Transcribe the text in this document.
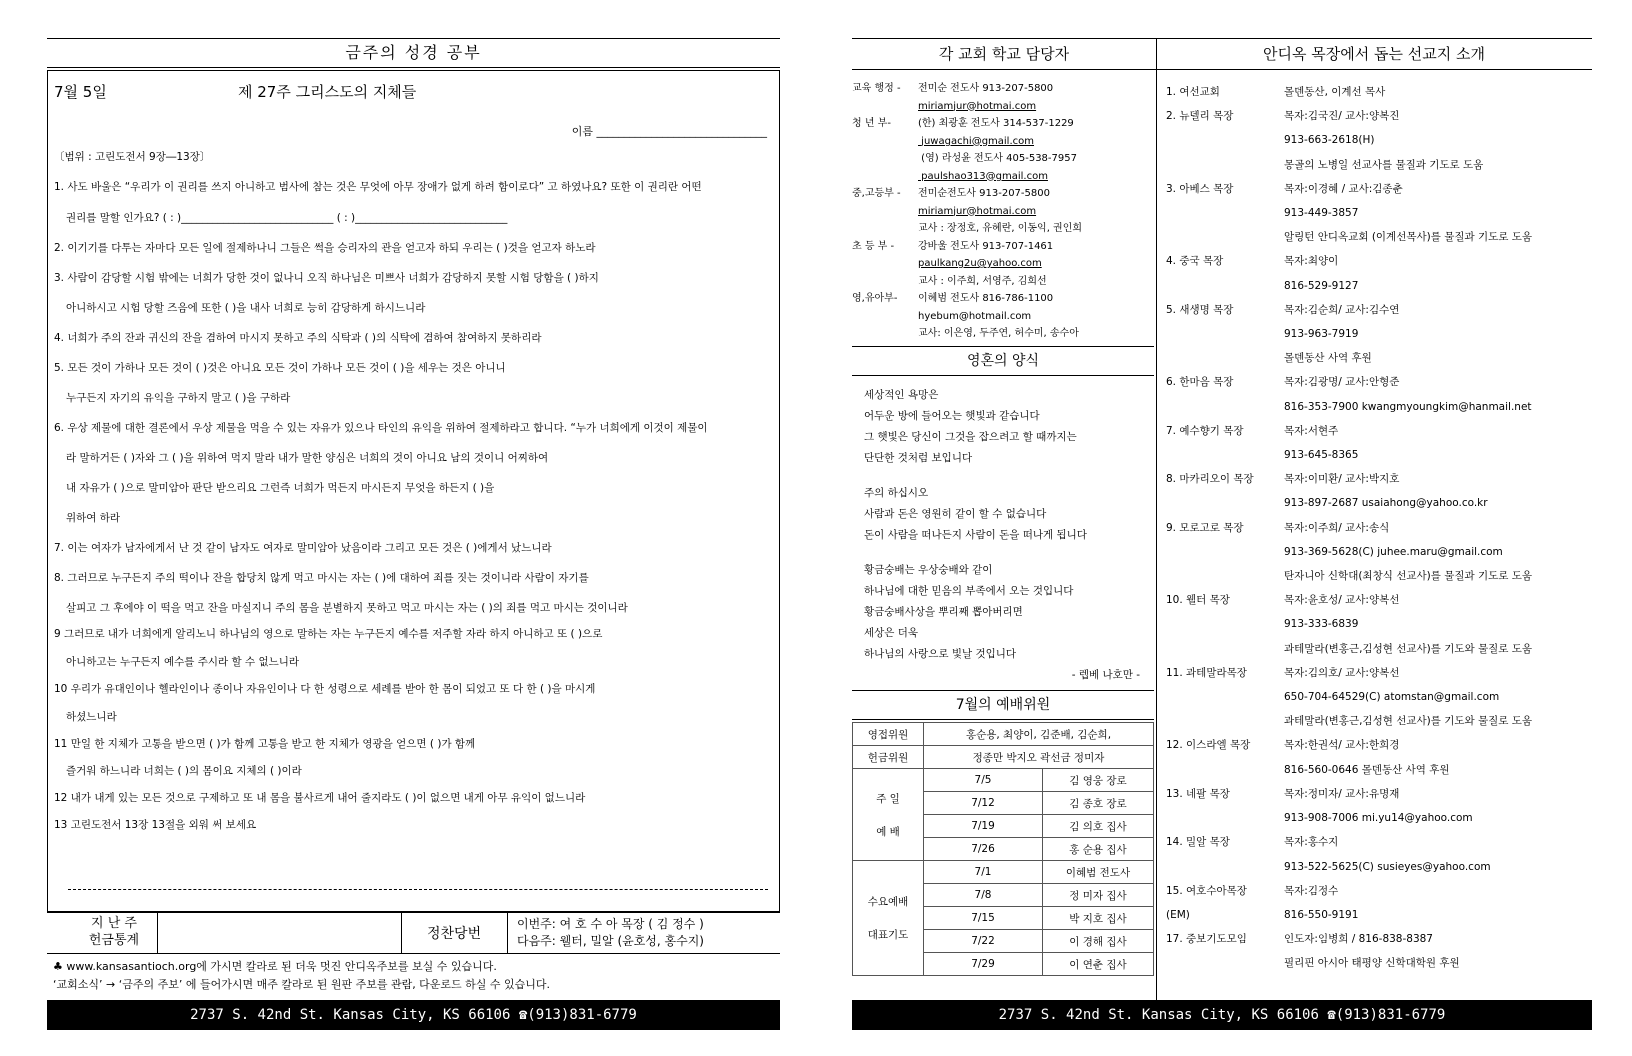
금주의 성경 공부
7월 5일	제 27주 그리스도의 지체들
이름 _______________________________
〔범위 : 고린도전서 9장―13장〕
1. 사도 바울은 “우리가 이 권리를 쓰지 아니하고 범사에 참는 것은 무엇에 아무 장애가 없게 하려 함이로다” 고 하였나요? 또한 이 권리란 어떤
권리를 말할 인가요? ( : )_____________________________ ( : )_____________________________
2. 이기기를 다투는 자마다 모든 일에 절제하나니 그들은 썩을 승리자의 관을 얻고자 하되 우리는 ( )것을 얻고자 하노라
3. 사람이 감당할 시험 밖에는 너희가 당한 것이 없나니 오직 하나님은 미쁘사 너희가 감당하지 못할 시험 당함을 ( )하지
아니하시고 시험 당할 즈음에 또한 ( )을 내사 너희로 능히 감당하게 하시느니라
4. 너희가 주의 잔과 귀신의 잔을 겸하여 마시지 못하고 주의 식탁과 ( )의 식탁에 겸하여 참여하지 못하리라
5. 모든 것이 가하나 모든 것이 ( )것은 아니요 모든 것이 가하나 모든 것이 ( )을 세우는 것은 아니니
누구든지 자기의 유익을 구하지 말고 ( )을 구하라
6. 우상 제물에 대한 결론에서 우상 제물을 먹을 수 있는 자유가 있으나 타인의 유익을 위하여 절제하라고 합니다. “누가 너희에게 이것이 제물이
라 말하거든 ( )자와 그 ( )을 위하여 먹지 말라 내가 말한 양심은 너희의 것이 아니요 남의 것이니 어찌하여
내 자유가 ( )으로 말미암아 판단 받으리요 그런즉 너희가 먹든지 마시든지 무엇을 하든지 ( )을
위하여 하라
7. 이는 여자가 남자에게서 난 것 같이 남자도 여자로 말미암아 났음이라 그리고 모든 것은 ( )에게서 났느니라
8. 그러므로 누구든지 주의 떡이나 잔을 합당치 않게 먹고 마시는 자는 ( )에 대하여 죄를 짓는 것이니라 사람이 자기를
살피고 그 후에야 이 떡을 먹고 잔을 마실지니 주의 몸을 분별하지 못하고 먹고 마시는 자는 ( )의 죄를 먹고 마시는 것이니라
9 그러므로 내가 너희에게 알리노니 하나님의 영으로 말하는 자는 누구든지 예수를 저주할 자라 하지 아니하고 또 ( )으로
아니하고는 누구든지 예수를 주시라 할 수 없느니라
10 우리가 유대인이나 헬라인이나 종이나 자유인이나 다 한 성령으로 세례를 받아 한 몸이 되었고 또 다 한 ( )을 마시게
하셨느니라
11 만일 한 지체가 고통을 받으면 ( )가 함께 고통을 받고 한 지체가 영광을 얻으면 ( )가 함께
즐거워 하느니라 너희는 ( )의 몸이요 지체의 ( )이라
12 내가 내게 있는 모든 것으로 구제하고 또 내 몸을 불사르게 내어 줄지라도 ( )이 없으면 내게 아무 유익이 없느니라
13 고린도전서 13장 13절을 외워 써 보세요
지 난 주
헌금통계	정찬당번
이번주: 여 호 수 아 목장 ( 김 정수 )
다음주: 웰터, 밀알 (윤호성, 홍수지)
♣ www.kansasantioch.org에 가시면 칼라로 된 더욱 멋진 안디옥주보를 보실 수 있습니다.
‘교회소식’ → ‘금주의 주보’ 에 들어가시면 매주 칼라로 된 원판 주보를 관람, 다운로드 하실 수 있습니다.
2737 S. 42nd St. Kansas City, KS 66106 ☎(913)831-6779
각 교회 학교 담당자	안디옥 목장에서 돕는 선교지 소개
교육 행정 - 전미순 전도사 913-207-5800
miriamjur@hotmai.com
청 년 부-	(한) 최광훈 전도사 314-537-1229
juwagachi@gmail.com
(영) 라성윤 전도사 405-538-7957
paulshao313@gmail.com
중,고등부 - 전미순전도사 913-207-5800
miriamjur@hotmai.com
교사 : 장정호, 유혜란, 이동익, 권인희
초 등 부 - 강바울 전도사 913-707-1461
paulkang2u@yahoo.com
교사 : 이주희, 서영주, 김희선
영,유아부- 이혜범 전도사 816-786-1100
hyebum@hotmail.com
교사: 이은영, 두주연, 허수미, 송수아
영혼의 양식
세상적인 욕망은
어두운 방에 들어오는 햇빛과 같습니다
그 햇빛은 당신이 그것을 잡으려고 할 때까지는
단단한 것처럼 보입니다
주의 하십시오
사람과 돈은 영원히 같이 할 수 없습니다
돈이 사람을 떠나든지 사람이 돈을 떠나게 됩니다
황금숭배는 우상숭배와 같이
하나님에 대한 믿음의 부족에서 오는 것입니다
황금숭배사상을 뿌리째 뽑아버리면
세상은 더욱
하나님의 사랑으로 빛날 것입니다
- 렙베 나호만 -
7월의 예배위원
영접위원	홍순용, 최양이, 김준배, 김순희,	
헌금위원	정종만 박지오 곽선금 정미자	

주 일
예 배	7/5	김 영웅 장로
	7/12	김 종호 장로
	7/19	김 의호 집사
	7/26	홍 순용 집사

수요예배
대표기도	7/1	이혜범 전도사
	7/8	정 미자 집사
	7/15	박 지호 집사
	7/22	이 경해 집사
	7/29	이 연춘 집사
1. 여선교회	몰덴동산, 이계선 목사
2. 뉴델리 목장	목자:김국진/ 교사:양복진
913-663-2618(H)
몽골의 노병일 선교사를 물질과 기도로 도움
3. 아베스 목장	목자:이경혜 / 교사:김종춘
913-449-3857
알링턴 안디옥교회 (이계선목사)를 물질과 기도로 도움
4. 중국 목장	목자:최양이
816-529-9127
5. 새생명 목장	목자:김순희/ 교사:김수연
913-963-7919
몰덴동산 사역 후원
6. 한마음 목장	목자:김광명/ 교사:안형준
816-353-7900 kwangmyoungkim@hanmail.net
7. 예수향기 목장	목자:서현주
913-645-8365
8. 마카리오이 목장	목자:이미환/ 교사:박지호
913-897-2687 usaiahong@yahoo.co.kr
9. 모로고로 목장	목자:이주희/ 교사:송식
913-369-5628(C) juhee.maru@gmail.com
탄자니아 신학대(최창식 선교사)를 물질과 기도로 도움
10. 웰터 목장	목자:윤호성/ 교사:양복선
913-333-6839
과테말라(변홍근,김성현 선교사)를 기도와 물질로 도움
11. 과테말라목장	목자:김의호/ 교사:양복선
650-704-64529(C) atomstan@gmail.com
과테말라(변홍근,김성현 선교사)를 기도와 물질로 도움
12. 이스라엘 목장	목자:한권석/ 교사:한희경
816-560-0646 몰덴동산 사역 후원
13. 네팔 목장	목자:정미자/ 교사:유명재
913-908-7006 mi.yu14@yahoo.com
14. 밀알 목장	목자:홍수지
913-522-5625(C) susieyes@yahoo.com
15. 여호수아목장	목자:김정수
(EM)	816-550-9191
17. 중보기도모임	인도자:임병희 / 816-838-8387
필리핀 아시아 태평양 신학대학원 후원
2737 S. 42nd St. Kansas City, KS 66106 ☎(913)831-6779
